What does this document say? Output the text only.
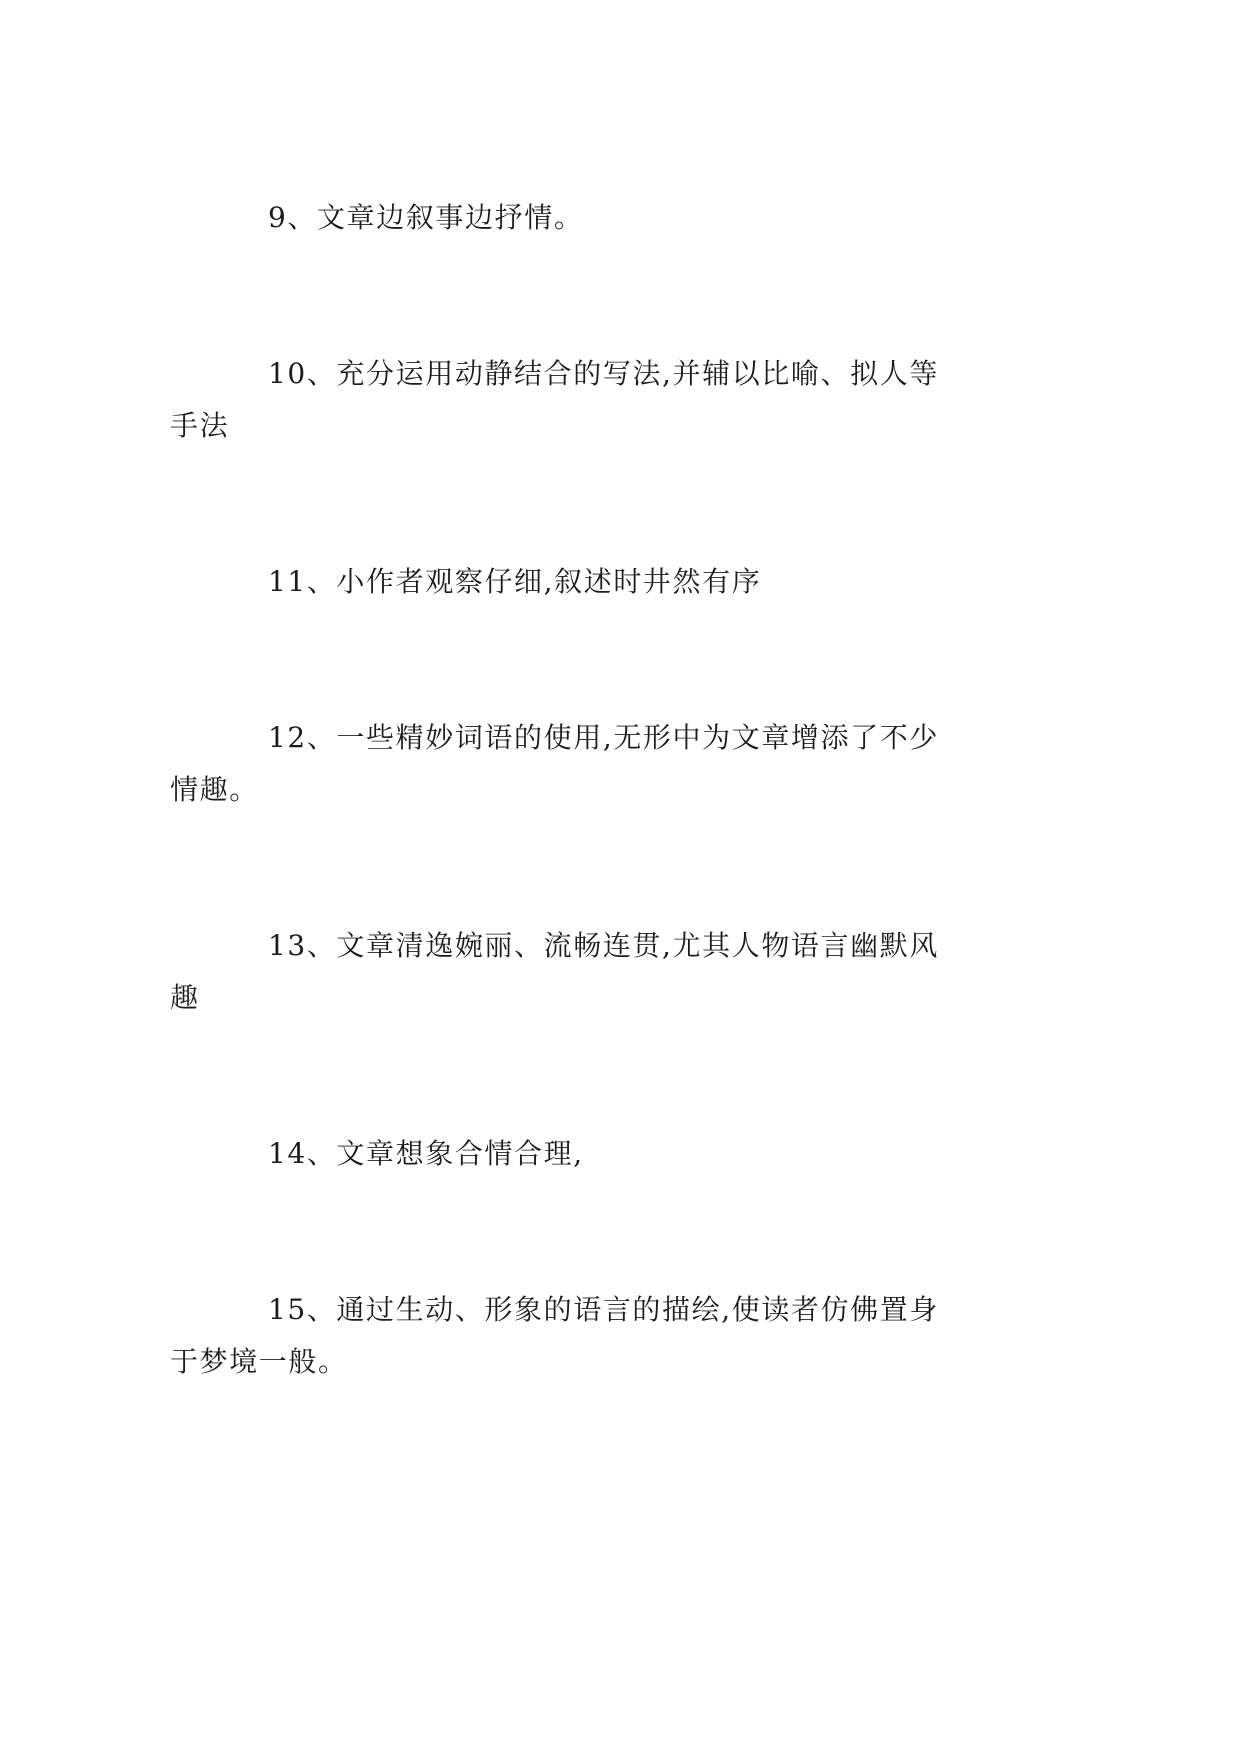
9、文章边叙事边抒情。
10、充分运用动静结合的写法,并辅以比喻、拟人等
手法
11、小作者观察仔细,叙述时井然有序
12、一些精妙词语的使用,无形中为文章增添了不少
情趣。
13、文章清逸婉丽、流畅连贯,尤其人物语言幽默风
趣
14、文章想象合情合理,
15、通过生动、形象的语言的描绘,使读者仿佛置身
于梦境一般。
